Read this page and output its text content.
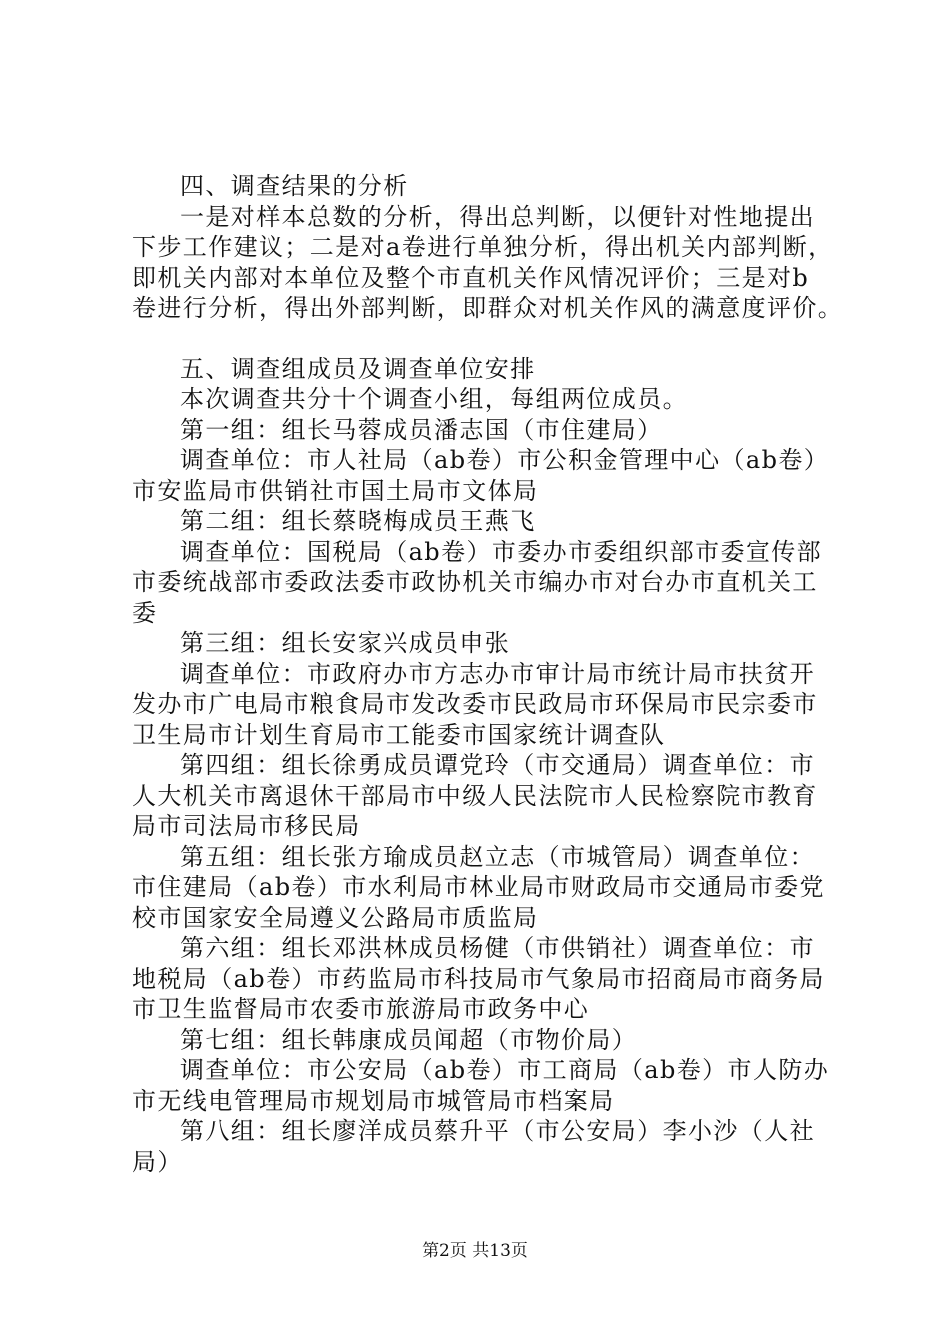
四、调查结果的分析
一是对样本总数的分析，得出总判断，以便针对性地提出
下步工作建议；二是对a卷进行单独分析，得出机关内部判断，
即机关内部对本单位及整个市直机关作风情况评价；三是对b
卷进行分析，得出外部判断，即群众对机关作风的满意度评价。
五、调查组成员及调查单位安排
本次调查共分十个调查小组，每组两位成员。
第一组：组长马蓉成员潘志国（市住建局）
调查单位：市人社局（ab卷）市公积金管理中心（ab卷）
市安监局市供销社市国土局市文体局
第二组：组长蔡晓梅成员王燕飞
调查单位：国税局（ab卷）市委办市委组织部市委宣传部
市委统战部市委政法委市政协机关市编办市对台办市直机关工
委
第三组：组长安家兴成员申张
调查单位：市政府办市方志办市审计局市统计局市扶贫开
发办市广电局市粮食局市发改委市民政局市环保局市民宗委市
卫生局市计划生育局市工能委市国家统计调查队
第四组：组长徐勇成员谭党玲（市交通局）调查单位：市
人大机关市离退休干部局市中级人民法院市人民检察院市教育
局市司法局市移民局
第五组：组长张方瑜成员赵立志（市城管局）调查单位：
市住建局（ab卷）市水利局市林业局市财政局市交通局市委党
校市国家安全局遵义公路局市质监局
第六组：组长邓洪林成员杨健（市供销社）调查单位：市
地税局（ab卷）市药监局市科技局市气象局市招商局市商务局
市卫生监督局市农委市旅游局市政务中心
第七组：组长韩康成员闻超（市物价局）
调查单位：市公安局（ab卷）市工商局（ab卷）市人防办
市无线电管理局市规划局市城管局市档案局
第八组：组长廖洋成员蔡升平（市公安局）李小沙（人社
局）
第2页 共13页
